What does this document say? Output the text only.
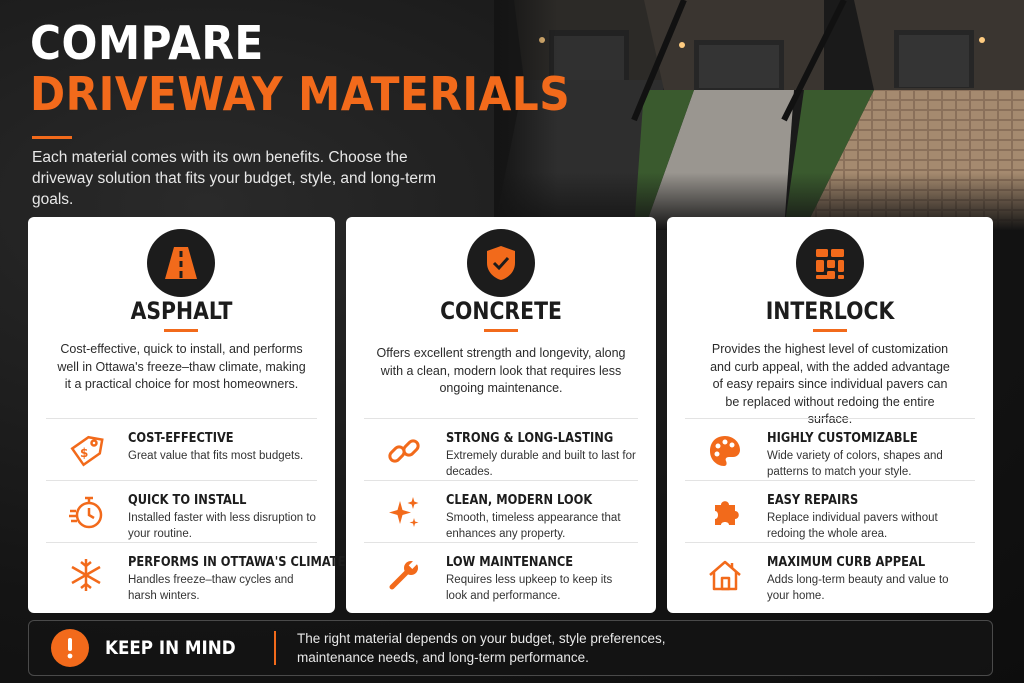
COMPARE
DRIVEWAY MATERIALS
Each material comes with its own benefits. Choose the driveway solution that fits your budget, style, and long-term goals.
ASPHALT
Cost-effective, quick to install, and performs well in Ottawa's freeze–thaw climate, making it a practical choice for most homeowners.
$
COST-EFFECTIVE
Great value that fits most budgets.
QUICK TO INSTALL
Installed faster with less disruption to your routine.
PERFORMS IN OTTAWA'S CLIMATE
Handles freeze–thaw cycles and harsh winters.
CONCRETE
Offers excellent strength and longevity, along with a clean, modern look that requires less ongoing maintenance.
STRONG & LONG-LASTING
Extremely durable and built to last for decades.
CLEAN, MODERN LOOK
Smooth, timeless appearance that enhances any property.
LOW MAINTENANCE
Requires less upkeep to keep its look and performance.
INTERLOCK
Provides the highest level of customization and curb appeal, with the added advantage of easy repairs since individual pavers can be replaced without redoing the entire surface.
HIGHLY CUSTOMIZABLE
Wide variety of colors, shapes and patterns to match your style.
EASY REPAIRS
Replace individual pavers without redoing the whole area.
MAXIMUM CURB APPEAL
Adds long-term beauty and value to your home.
KEEP IN MIND	The right material depends on your budget, style preferences, maintenance needs, and long-term performance.
